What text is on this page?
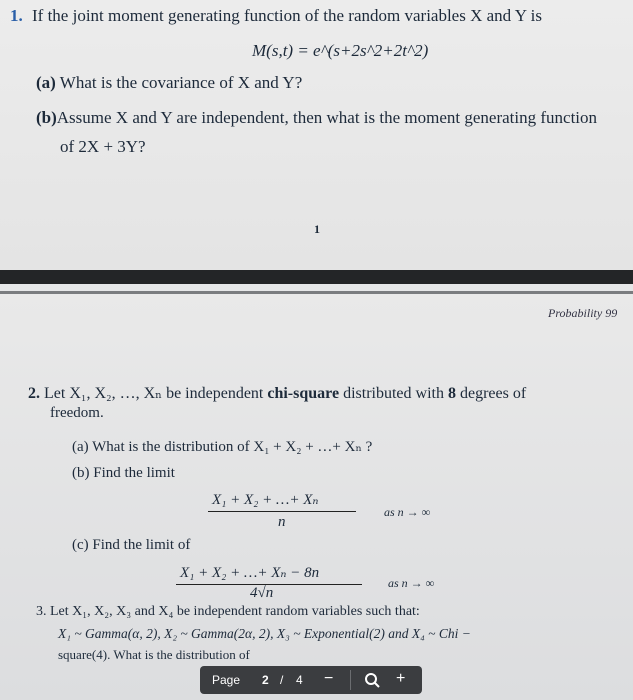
1. If the joint moment generating function of the random variables X and Y is
M(s,t) = e^(s+2s^2+2t^2)
(a) What is the covariance of X and Y?
(b)Assume X and Y are independent, then what is the moment generating function
of 2X + 3Y?
1
Probability 99
2. Let X₁, X₂, …, Xₙ be independent chi-square distributed with 8 degrees of
freedom.
(a) What is the distribution of X₁ + X₂ + …+ Xₙ ?
(b) Find the limit
X₁ + X₂ + …+ Xₙ
n
as n → ∞
(c) Find the limit of
X₁ + X₂ + …+ Xₙ − 8n
4√n
as n → ∞
3. Let X₁, X₂, X₃ and X₄ be independent random variables such that:
X₁ ~ Gamma(α, 2), X₂ ~ Gamma(2α, 2), X₃ ~ Exponential(2) and X₄ ~ Chi −
square(4). What is the distribution of
Page 2 / 4 −	+
